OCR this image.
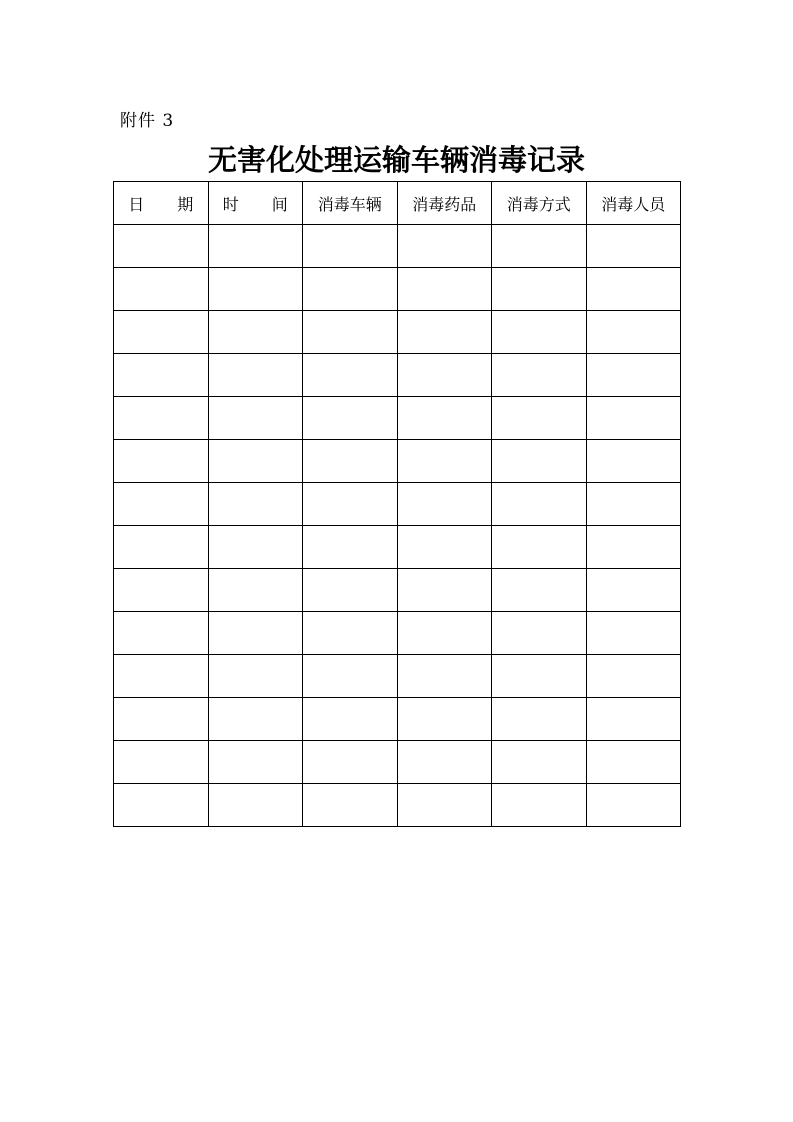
附件 3
无害化处理运输车辆消毒记录
日 期	时 间	消毒车辆	消毒药品	消毒方式	消毒人员
